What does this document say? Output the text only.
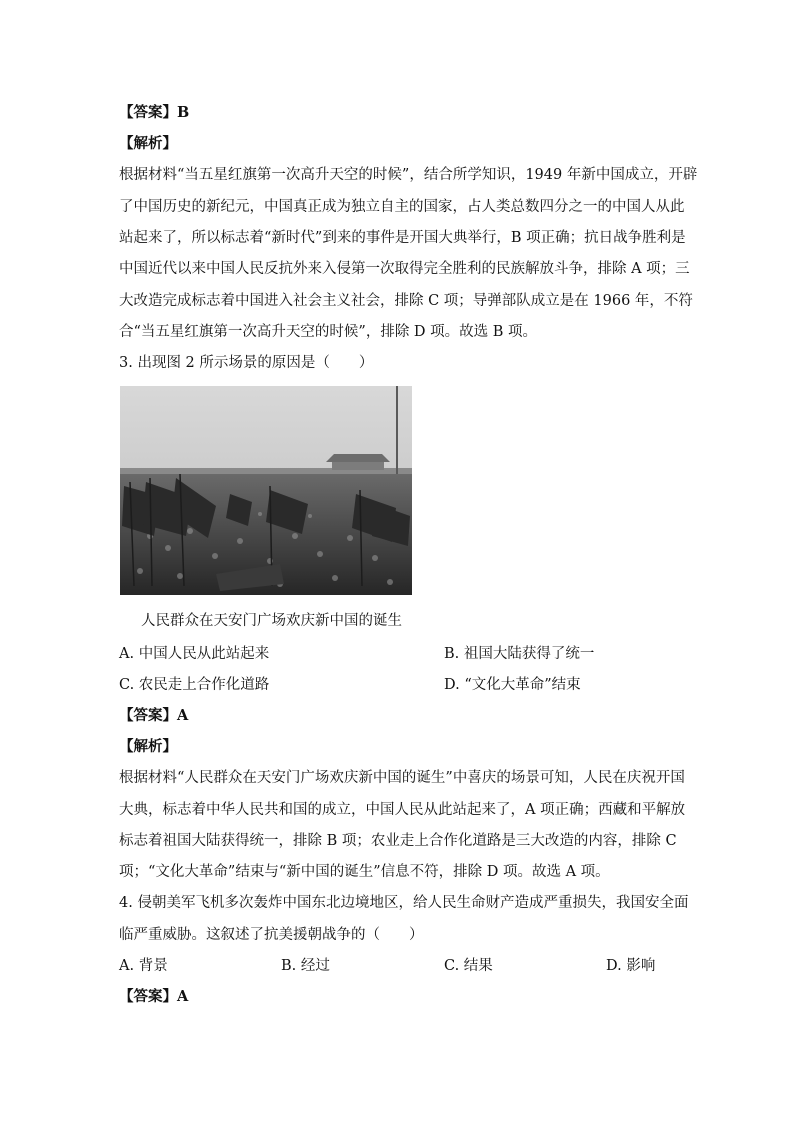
【答案】B
【解析】
根据材料“当五星红旗第一次高升天空的时候”，结合所学知识，1949 年新中国成立，开辟
了中国历史的新纪元，中国真正成为独立自主的国家，占人类总数四分之一的中国人从此
站起来了，所以标志着“新时代”到来的事件是开国大典举行，B 项正确；抗日战争胜利是
中国近代以来中国人民反抗外来入侵第一次取得完全胜利的民族解放斗争，排除 A 项；三
大改造完成标志着中国进入社会主义社会，排除 C 项；导弹部队成立是在 1966 年，不符
合“当五星红旗第一次高升天空的时候”，排除 D 项。故选 B 项。
3. 出现图 2 所示场景的原因是（　　）
人民群众在天安门广场欢庆新中国的诞生
A. 中国人民从此站起来	B. 祖国大陆获得了统一
C. 农民走上合作化道路	D. “文化大革命”结束
【答案】A
【解析】
根据材料“人民群众在天安门广场欢庆新中国的诞生”中喜庆的场景可知，人民在庆祝开国
大典，标志着中华人民共和国的成立，中国人民从此站起来了，A 项正确；西藏和平解放
标志着祖国大陆获得统一，排除 B 项；农业走上合作化道路是三大改造的内容，排除 C
项；“文化大革命”结束与“新中国的诞生”信息不符，排除 D 项。故选 A 项。
4. 侵朝美军飞机多次轰炸中国东北边境地区，给人民生命财产造成严重损失，我国安全面
临严重威胁。这叙述了抗美援朝战争的（　　）
A. 背景	B. 经过	C. 结果	D. 影响
【答案】A
